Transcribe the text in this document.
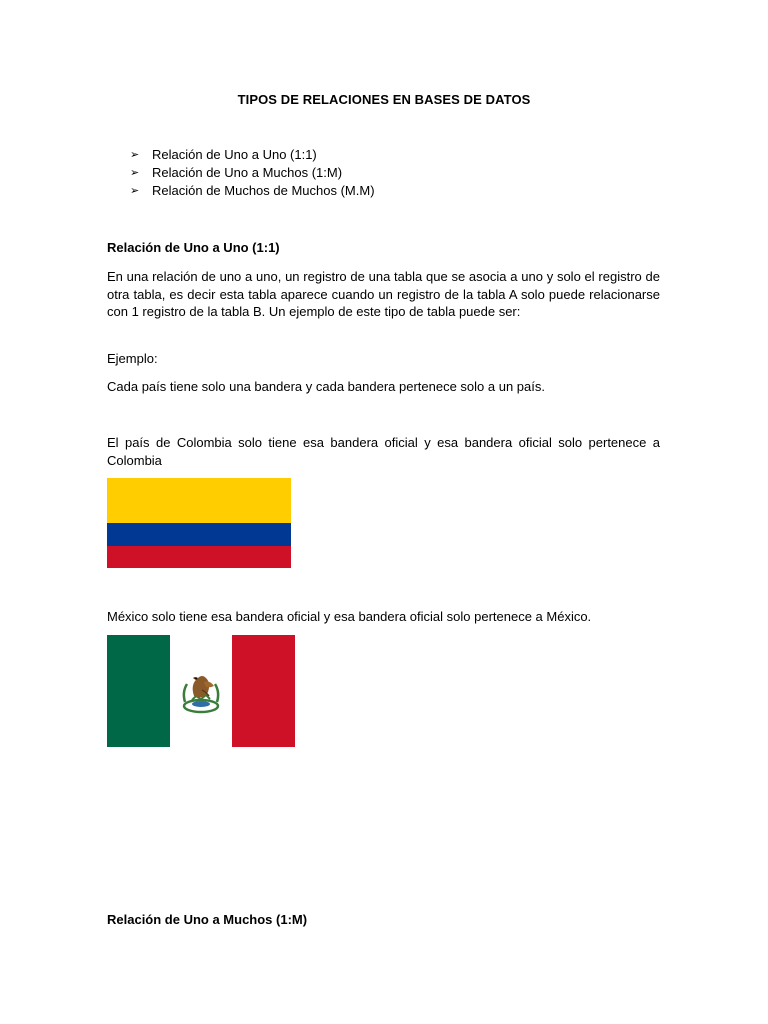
TIPOS DE RELACIONES EN BASES DE DATOS
➢ Relación de Uno a Uno (1:1)
➢ Relación de Uno a Muchos (1:M)
➢ Relación de Muchos de Muchos (M.M)
Relación de Uno a Uno (1:1)

En una relación de uno a uno, un registro de una tabla que se asocia a uno y solo el registro de otra tabla, es decir esta tabla aparece cuando un registro de la tabla A solo puede relacionarse con 1 registro de la tabla B. Un ejemplo de este tipo de tabla puede ser:

Ejemplo:

Cada país tiene solo una bandera y cada bandera pertenece solo a un país.

El país de Colombia solo tiene esa bandera oficial y esa bandera oficial solo pertenece a Colombia

México solo tiene esa bandera oficial y esa bandera oficial solo pertenece a México.

Relación de Uno a Muchos (1:M)
